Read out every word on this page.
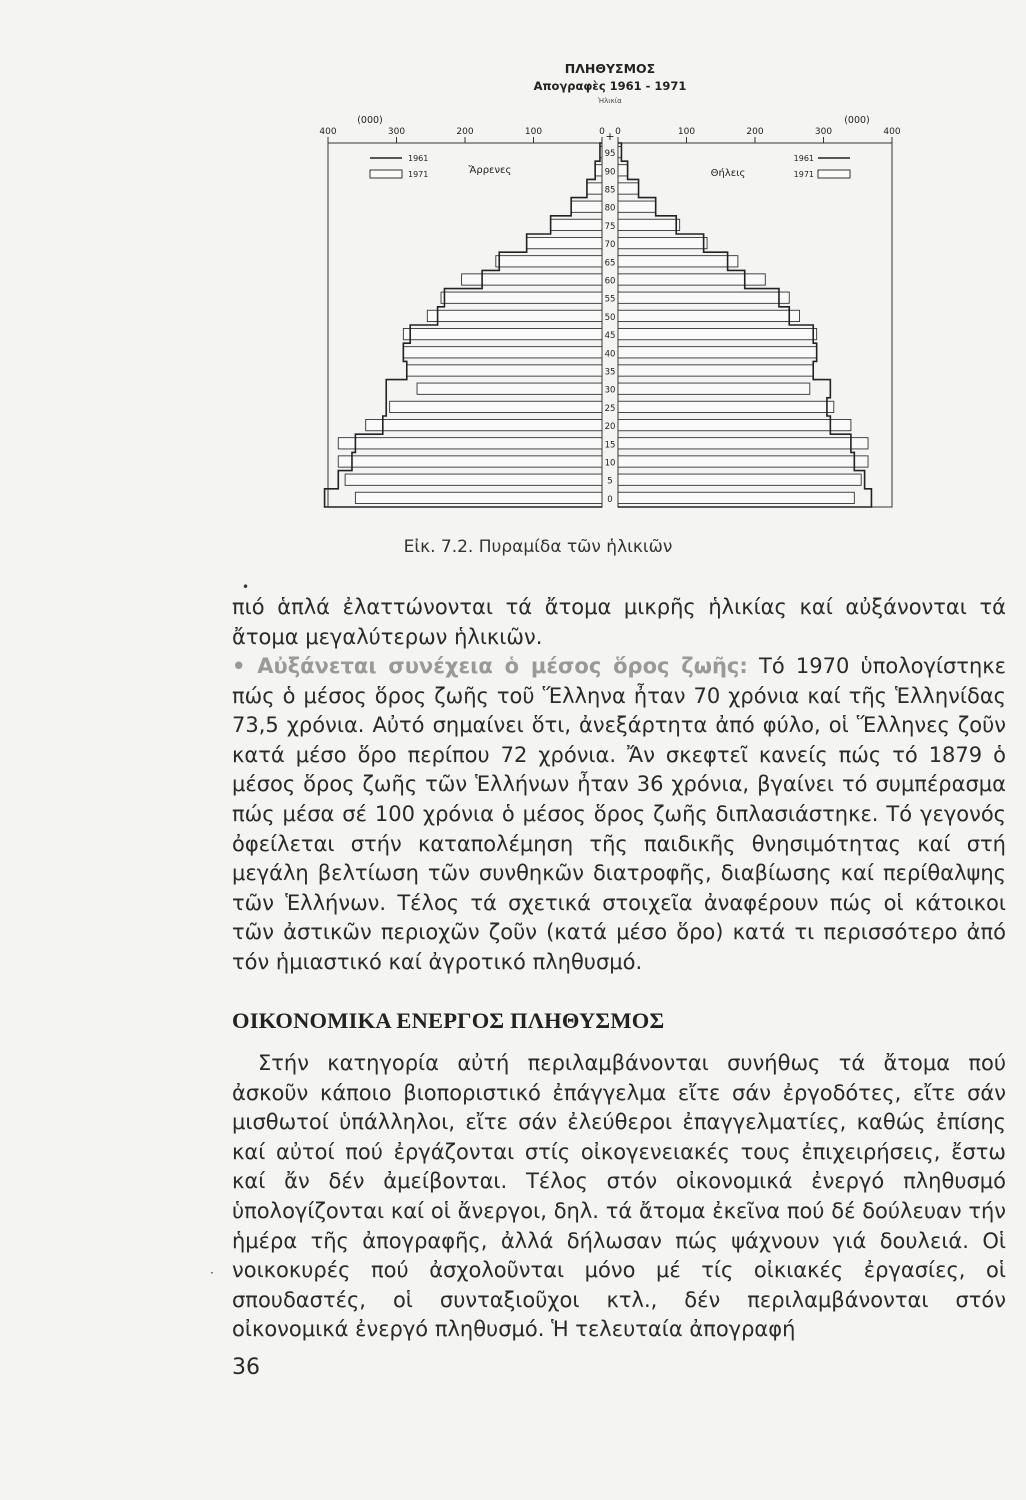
ΠΛΗΘΥΣΜΟΣ
Απογραφὲς 1961 - 1971
Ἡλικία
(000)	(000)
0
100
200
300
400	0	100	200	300	400
0
5
10
15
20
25
30
35
40
45
50
55
60
65
70
75
80
85
90
95
+
1961
1971
1961
1971
Ἄρρενες	Θήλεις
Εἰκ. 7.2. Πυραμίδα τῶν ἡλικιῶν
•

πιό ἁπλά ἐλαττώνονται τά ἄτομα μικρῆς ἡλικίας καί αὐξάνονται τά ἄτομα μεγαλύτερων ἡλικιῶν.

• Αὐξάνεται συνέχεια ὁ μέσος ὅρος ζωῆς: Τό 1970 ὑπολογίστηκε πώς ὁ μέσος ὅρος ζωῆς τοῦ Ἕλληνα ἦταν 70 χρόνια καί τῆς Ἑλληνίδας 73,5 χρόνια. Αὐτό σημαίνει ὅτι, ἀνεξάρτητα ἀπό φύλο, οἱ Ἕλληνες ζοῦν κατά μέσο ὅρο περίπου 72 χρόνια. Ἄν σκεφτεῖ κανείς πώς τό 1879 ὁ μέσος ὅρος ζωῆς τῶν Ἑλλήνων ἦταν 36 χρόνια, βγαίνει τό συμπέρασμα πώς μέσα σέ 100 χρόνια ὁ μέσος ὅρος ζωῆς διπλασιάστηκε. Τό γεγονός ὀφείλεται στήν καταπολέμηση τῆς παιδικῆς θνησιμότητας καί στή μεγάλη βελτίωση τῶν συνθηκῶν διατροφῆς, διαβίωσης καί περίθαλψης τῶν Ἑλλήνων. Τέλος τά σχετικά στοιχεῖα ἀναφέρουν πώς οἱ κάτοικοι τῶν ἀστικῶν περιοχῶν ζοῦν (κατά μέσο ὅρο) κατά τι περισσότερο ἀπό τόν ἡμιαστικό καί ἀγροτικό πληθυσμό.

ΟΙΚΟΝΟΜΙΚΑ ΕΝΕΡΓΟΣ ΠΛΗΘΥΣΜΟΣ

Στήν κατηγορία αὐτή περιλαμβάνονται συνήθως τά ἄτομα πού ἀσκοῦν κάποιο βιοποριστικό ἐπάγγελμα εἴτε σάν ἐργοδότες, εἴτε σάν μισθωτοί ὑπάλληλοι, εἴτε σάν ἐλεύθεροι ἐπαγγελματίες, καθώς ἐπίσης καί αὐτοί πού ἐργάζονται στίς οἰκογενειακές τους ἐπιχειρήσεις, ἔστω καί ἄν δέν ἀμείβονται. Τέλος στόν οἰκονομικά ἐνεργό πληθυσμό ὑπολογίζονται καί οἱ ἄνεργοι, δηλ. τά ἄτομα ἐκεῖνα πού δέ δούλευαν τήν ἡμέρα τῆς ἀπογραφῆς, ἀλλά δήλωσαν πώς ψάχνουν γιά δουλειά. Οἱ νοικοκυρές πού ἀσχολοῦνται μόνο μέ τίς οἰκιακές ἐργασίες, οἱ σπουδαστές, οἱ συνταξιοῦχοι κτλ., δέν περιλαμβάνονται στόν οἰκονομικά ἐνεργό πληθυσμό. Ἡ τελευταία ἀπογραφή

·
36
